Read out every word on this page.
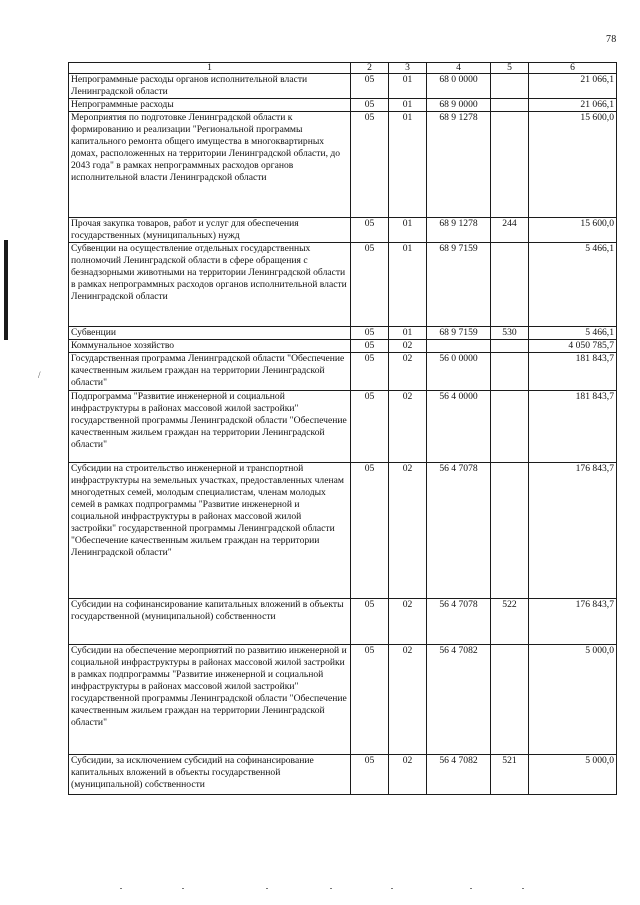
78
/
1	2	3	4	5	6
Непрограммные расходы органов исполнительной власти Ленинградской области	05	01	68 0 0000		21 066,1
Непрограммные расходы	05	01	68 9 0000		21 066,1
Мероприятия по подготовке Ленинградской области к формированию и реализации "Региональной программы капитального ремонта общего имущества в многоквартирных домах, расположенных на территории Ленинградской области, до 2043 года" в рамках непрограммных расходов органов исполнительной власти Ленинградской области	05	01	68 9 1278		15 600,0
Прочая закупка товаров, работ и услуг для обеспечения государственных (муниципальных) нужд	05	01	68 9 1278	244	15 600,0
Субвенции на осуществление отдельных государственных полномочий Ленинградской области в сфере обращения с безнадзорными животными на территории Ленинградской области в рамках непрограммных расходов органов исполнительной власти Ленинградской области	05	01	68 9 7159		5 466,1
Субвенции	05	01	68 9 7159	530	5 466,1
Коммунальное хозяйство	05	02			4 050 785,7
Государственная программа Ленинградской области "Обеспечение качественным жильем граждан на территории Ленинградской области"	05	02	56 0 0000		181 843,7
Подпрограмма "Развитие инженерной и социальной инфраструктуры в районах массовой жилой застройки" государственной программы Ленинградской области "Обеспечение качественным жильем граждан на территории Ленинградской области"	05	02	56 4 0000		181 843,7
Субсидии на строительство инженерной и транспортной инфраструктуры на земельных участках, предоставленных членам многодетных семей, молодым специалистам, членам молодых семей в рамках подпрограммы "Развитие инженерной и социальной инфраструктуры в районах массовой жилой застройки" государственной программы Ленинградской области "Обеспечение качественным жильем граждан на территории Ленинградской области"	05	02	56 4 7078		176 843,7
Субсидии на софинансирование капитальных вложений в объекты государственной (муниципальной) собственности	05	02	56 4 7078	522	176 843,7
Субсидии на обеспечение мероприятий по развитию инженерной и социальной инфраструктуры в районах массовой жилой застройки в рамках подпрограммы "Развитие инженерной и социальной инфраструктуры в районах массовой жилой застройки" государственной программы Ленинградской области "Обеспечение качественным жильем граждан на территории Ленинградской области"	05	02	56 4 7082		5 000,0
Субсидии, за исключением субсидий на софинансирование капитальных вложений в объекты государственной (муниципальной) собственности	05	02	56 4 7082	521	5 000,0
